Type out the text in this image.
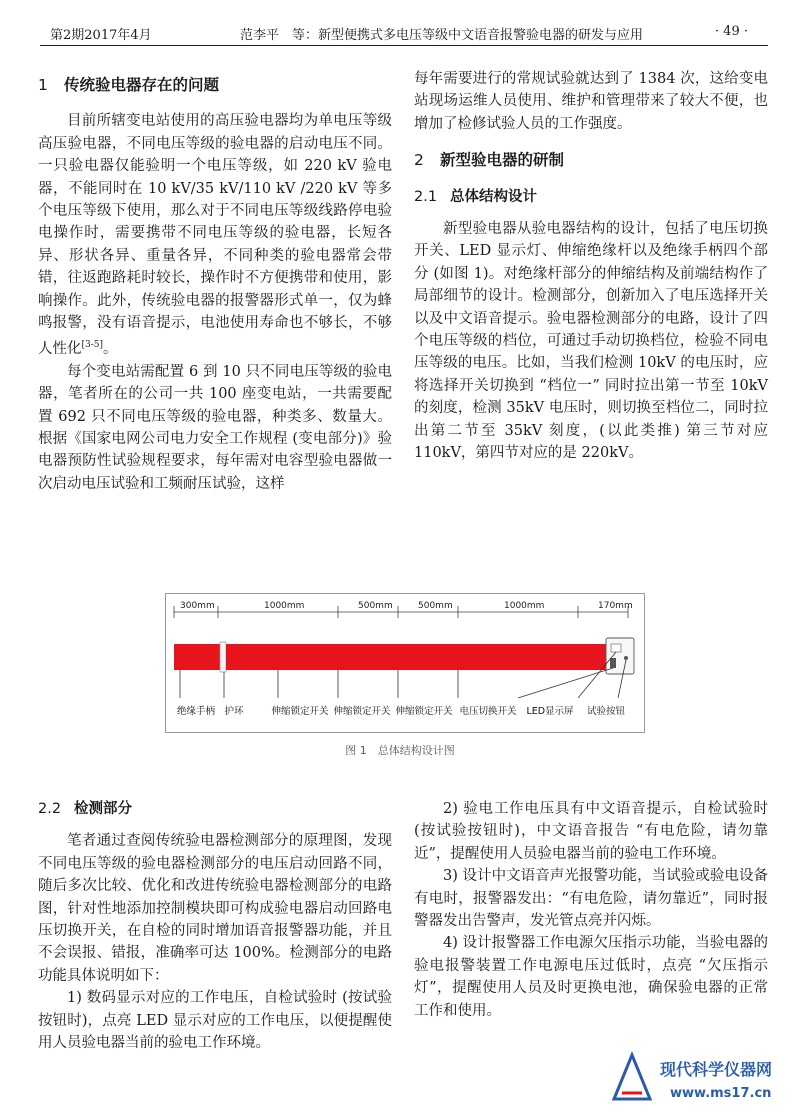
第2期2017年4月	范李平　等：新型便携式多电压等级中文语音报警验电器的研发与应用	· 49 ·
1 传统验电器存在的问题

目前所辖变电站使用的高压验电器均为单电压等级高压验电器，不同电压等级的验电器的启动电压不同。一只验电器仅能验明一个电压等级，如 220 kV 验电器，不能同时在 10 kV/35 kV/110 kV /220 kV 等多个电压等级下使用，那么对于不同电压等级线路停电验电操作时，需要携带不同电压等级的验电器，长短各异、形状各异、重量各异，不同种类的验电器常会带错，往返跑路耗时较长，操作时不方便携带和使用，影响操作。此外，传统验电器的报警器形式单一，仅为蜂鸣报警，没有语音提示，电池使用寿命也不够长，不够人性化[3-5]。

每个变电站需配置 6 到 10 只不同电压等级的验电器，笔者所在的公司一共 100 座变电站，一共需要配置 692 只不同电压等级的验电器，种类多、数量大。根据《国家电网公司电力安全工作规程 (变电部分)》验电器预防性试验规程要求，每年需对电容型验电器做一次启动电压试验和工频耐压试验，这样

每年需要进行的常规试验就达到了 1384 次，这给变电站现场运维人员使用、维护和管理带来了较大不便，也增加了检修试验人员的工作强度。

2 新型验电器的研制
2.1 总体结构设计

新型验电器从验电器结构的设计，包括了电压切换开关、LED 显示灯、伸缩绝缘杆以及绝缘手柄四个部分 (如图 1)。对绝缘杆部分的伸缩结构及前端结构作了局部细节的设计。检测部分，创新加入了电压选择开关以及中文语音提示。验电器检测部分的电路，设计了四个电压等级的档位，可通过手动切换档位，检验不同电压等级的电压。比如，当我们检测 10kV 的电压时，应将选择开关切换到 “档位一” 同时拉出第一节至 10kV 的刻度，检测 35kV 电压时，则切换至档位二，同时拉出第二节至 35kV 刻度，(以此类推) 第三节对应 110kV，第四节对应的是 220kV。

300mm	1000mm	500mm	500mm	1000mm	170mm
绝缘手柄 护环	伸缩锁定开关 伸缩锁定开关 伸缩锁定开关 电压切换开关 LED显示屏 试验按钮
图 1　总体结构设计图
2.2 检测部分

笔者通过查阅传统验电器检测部分的原理图，发现不同电压等级的验电器检测部分的电压启动回路不同，随后多次比较、优化和改进传统验电器检测部分的电路图，针对性地添加控制模块即可构成验电器启动回路电压切换开关，在自检的同时增加语音报警器功能，并且不会误报、错报，准确率可达 100%。检测部分的电路功能具体说明如下：

1) 数码显示对应的工作电压，自检试验时 (按试验按钮时)，点亮 LED 显示对应的工作电压，以便提醒使用人员验电器当前的验电工作环境。

2) 验电工作电压具有中文语音提示，自检试验时 (按试验按钮时)，中文语音报告 “有电危险，请勿靠近”，提醒使用人员验电器当前的验电工作环境。

3) 设计中文语音声光报警功能，当试验或验电设备有电时，报警器发出：“有电危险，请勿靠近”，同时报警器发出告警声，发光管点亮并闪烁。

4) 设计报警器工作电源欠压指示功能，当验电器的验电报警装置工作电源电压过低时，点亮 “欠压指示灯”，提醒使用人员及时更换电池，确保验电器的正常工作和使用。

现代科学仪器网
www.ms17.cn
